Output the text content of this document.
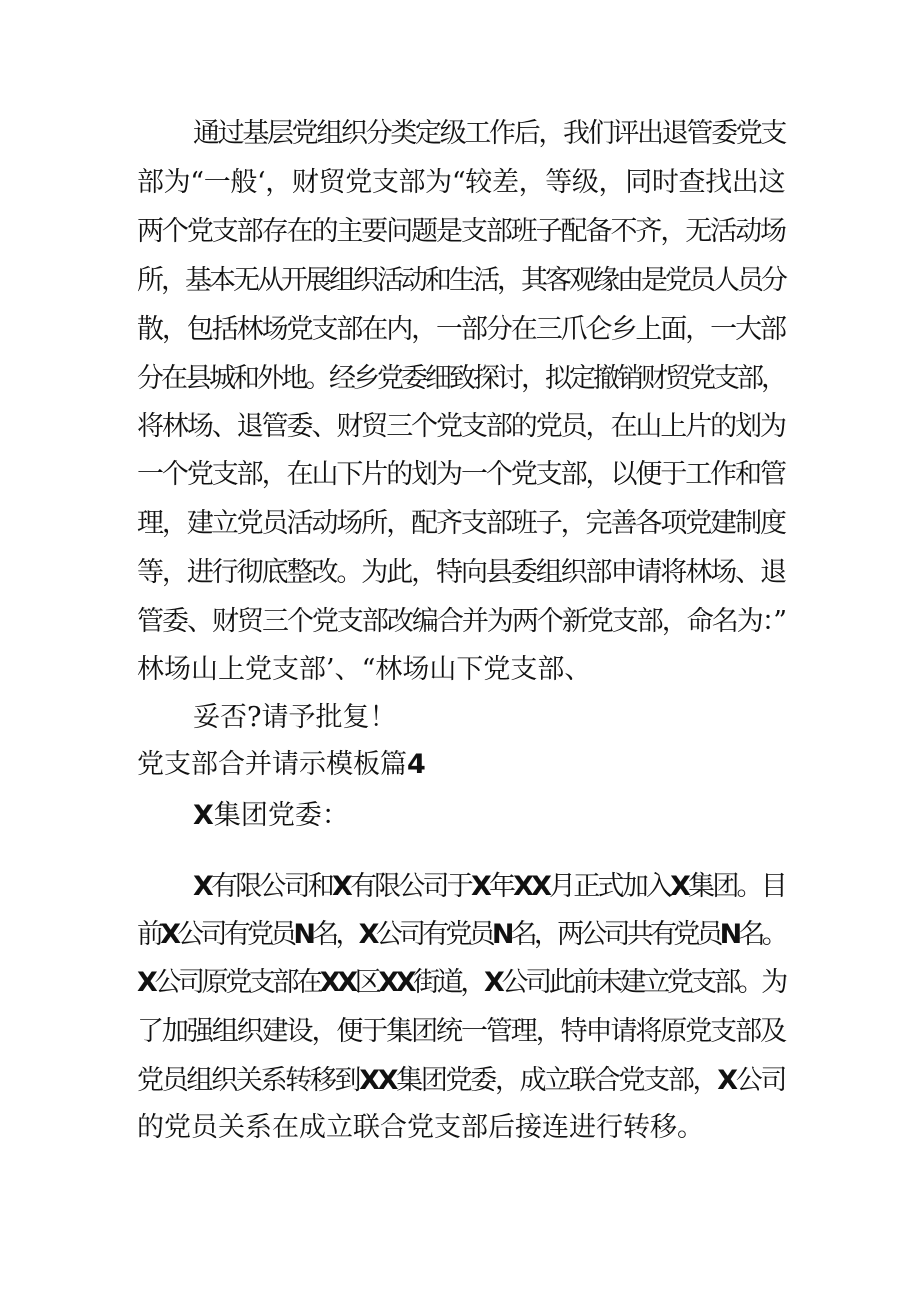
通过基层党组织分类定级工作后，我们评出退管委党支
部为“一般‘，财贸党支部为“较差，等级，同时查找出这
两个党支部存在的主要问题是支部班子配备不齐，无活动场
所，基本无从开展组织活动和生活，其客观缘由是党员人员分
散，包括林场党支部在内，一部分在三爪仑乡上面，一大部
分在县城和外地。经乡党委细致探讨，拟定撤销财贸党支部，
将林场、退管委、财贸三个党支部的党员，在山上片的划为
一个党支部，在山下片的划为一个党支部，以便于工作和管
理，建立党员活动场所，配齐支部班子，完善各项党建制度
等，进行彻底整改。为此，特向县委组织部申请将林场、退
管委、财贸三个党支部改编合并为两个新党支部，命名为：”
林场山上党支部’、“林场山下党支部、
妥否?请予批复！
党支部合并请示模板篇4
X集团党委：
X有限公司和X有限公司于X年XX月正式加入X集团。目
前X公司有党员N名，X公司有党员N名，两公司共有党员N名。
X公司原党支部在XX区XX街道，X公司此前未建立党支部。为
了加强组织建设，便于集团统一管理，特申请将原党支部及
党员组织关系转移到XX集团党委，成立联合党支部，X公司
的党员关系在成立联合党支部后接连进行转移。
